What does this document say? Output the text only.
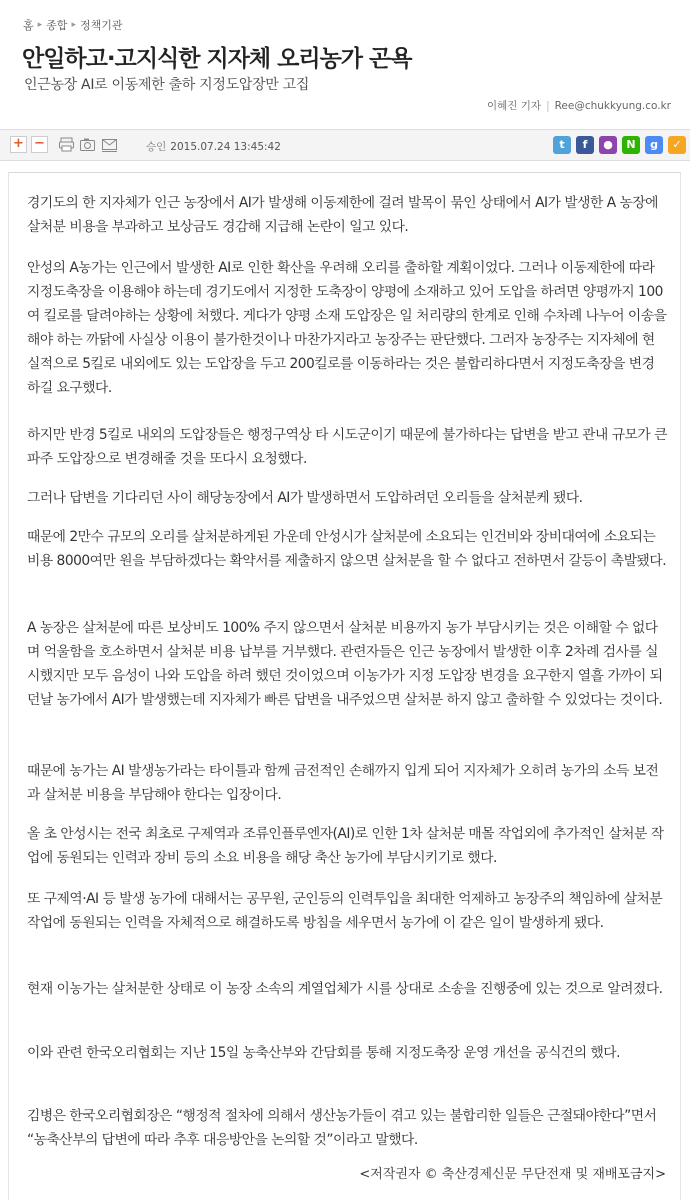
홈 ▸ 종합 ▸ 정책기관
안일하고·고지식한 지자체 오리농가 곤욕
인근농장 AI로 이동제한 출하 지정도압장만 고집
이혜진 기자 | Ree@chukkyung.co.kr
+ −	승인 2015.07.24 13:45:42	t	f	●	N	g	✓

경기도의 한 지자체가 인근 농장에서 AI가 발생해 이동제한에 걸려 발목이 묶인 상태에서 AI가 발생한 A 농장에 살처분 비용을 부과하고 보상금도 경감해 지급해 논란이 일고 있다.

안성의 A농가는 인근에서 발생한 AI로 인한 확산을 우려해 오리를 출하할 계획이었다. 그러나 이동제한에 따라 지정도축장을 이용해야 하는데 경기도에서 지정한 도축장이 양평에 소재하고 있어 도압을 하려면 양평까지 100여 킬로를 달려야하는 상황에 처했다. 게다가 양평 소재 도압장은 일 처리량의 한계로 인해 수차례 나누어 이송을 해야 하는 까닭에 사실상 이용이 불가한것이나 마찬가지라고 농장주는 판단했다. 그러자 농장주는 지자체에 현실적으로 5킬로 내외에도 있는 도압장을 두고 200킬로를 이동하라는 것은 불합리하다면서 지정도축장을 변경하길 요구했다.

하지만 반경 5킬로 내외의 도압장들은 행정구역상 타 시도군이기 때문에 불가하다는 답변을 받고 관내 규모가 큰 파주 도압장으로 변경해줄 것을 또다시 요청했다.

그러나 답변을 기다리던 사이 해당농장에서 AI가 발생하면서 도압하려던 오리들을 살처분케 됐다.

때문에 2만수 규모의 오리를 살처분하게된 가운데 안성시가 살처분에 소요되는 인건비와 장비대여에 소요되는 비용 8000여만 원을 부담하겠다는 확약서를 제출하지 않으면 살처분을 할 수 없다고 전하면서 갈등이 촉발됐다.

A 농장은 살처분에 따른 보상비도 100% 주지 않으면서 살처분 비용까지 농가 부담시키는 것은 이해할 수 없다며 억울함을 호소하면서 살처분 비용 납부를 거부했다. 관련자들은 인근 농장에서 발생한 이후 2차례 검사를 실시했지만 모두 음성이 나와 도압을 하려 했던 것이었으며 이농가가 지정 도압장 변경을 요구한지 열흘 가까이 되던날 농가에서 AI가 발생했는데 지자체가 빠른 답변을 내주었으면 살처분 하지 않고 출하할 수 있었다는 것이다.

때문에 농가는 AI 발생농가라는 타이틀과 함께 금전적인 손해까지 입게 되어 지자체가 오히려 농가의 소득 보전과 살처분 비용을 부담해야 한다는 입장이다.

올 초 안성시는 전국 최초로 구제역과 조류인플루엔자(AI)로 인한 1차 살처분 매몰 작업외에 추가적인 살처분 작업에 동원되는 인력과 장비 등의 소요 비용을 해당 축산 농가에 부담시키기로 했다.

또 구제역·AI 등 발생 농가에 대해서는 공무원, 군인등의 인력투입을 최대한 억제하고 농장주의 책임하에 살처분 작업에 동원되는 인력을 자체적으로 해결하도록 방침을 세우면서 농가에 이 같은 일이 발생하게 됐다.

현재 이농가는 살처분한 상태로 이 농장 소속의 계열업체가 시를 상대로 소송을 진행중에 있는 것으로 알려졌다.

이와 관련 한국오리협회는 지난 15일 농축산부와 간담회를 통해 지정도축장 운영 개선을 공식건의 했다.

김병은 한국오리협회장은 “행정적 절차에 의해서 생산농가들이 겪고 있는 불합리한 일들은 근절돼야한다”면서 “농축산부의 답변에 따라 추후 대응방안을 논의할 것”이라고 말했다.

<저작권자 © 축산경제신문 무단전재 및 재배포금지>
